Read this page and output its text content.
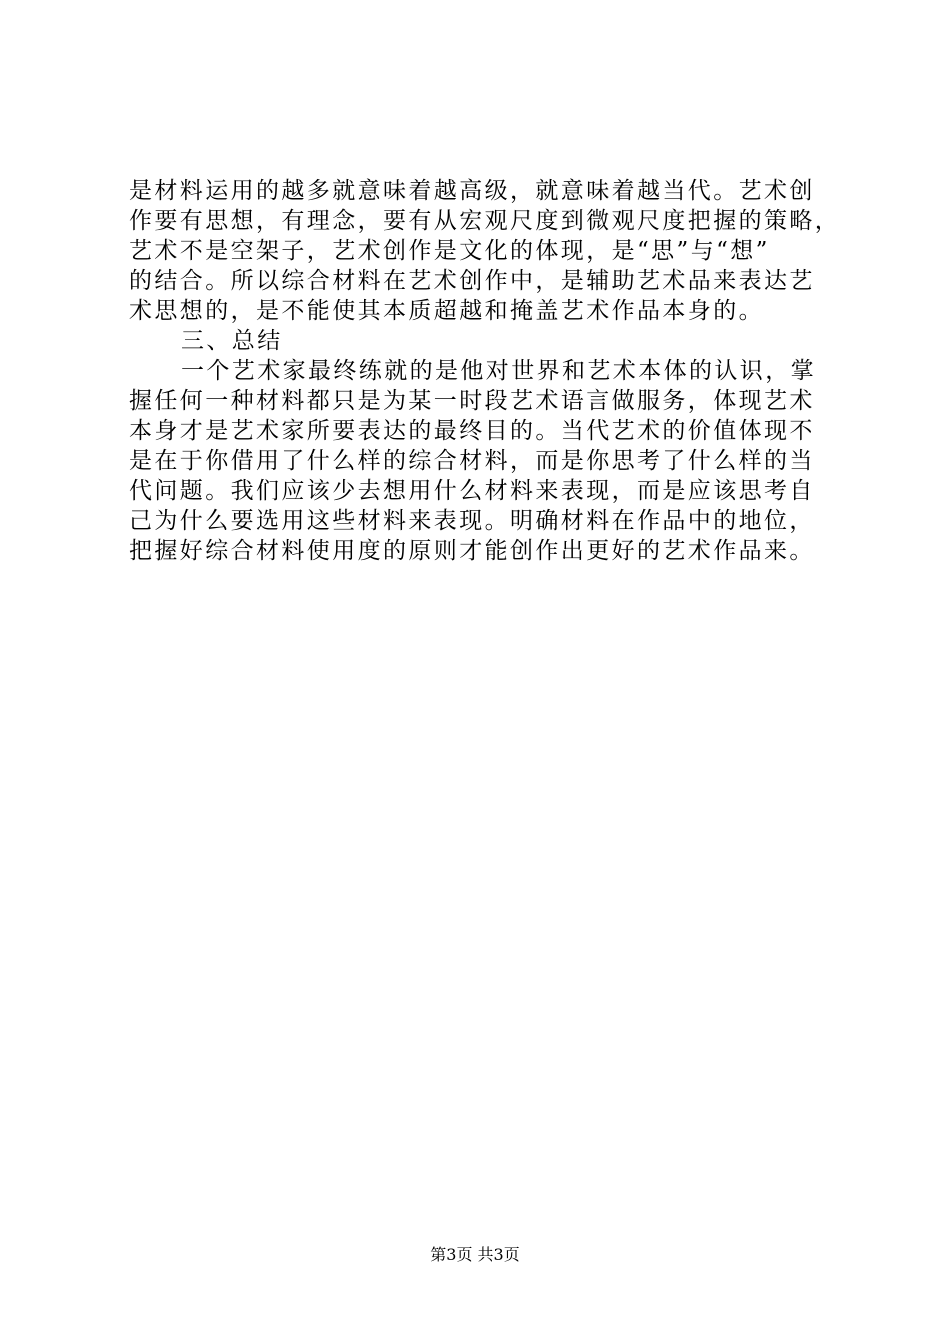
是材料运用的越多就意味着越高级，就意味着越当代。艺术创
作要有思想，有理念，要有从宏观尺度到微观尺度把握的策略，
艺术不是空架子，艺术创作是文化的体现，是“思”与“想”
的结合。所以综合材料在艺术创作中，是辅助艺术品来表达艺
术思想的，是不能使其本质超越和掩盖艺术作品本身的。
三、总结
一个艺术家最终练就的是他对世界和艺术本体的认识，掌
握任何一种材料都只是为某一时段艺术语言做服务，体现艺术
本身才是艺术家所要表达的最终目的。当代艺术的价值体现不
是在于你借用了什么样的综合材料，而是你思考了什么样的当
代问题。我们应该少去想用什么材料来表现，而是应该思考自
己为什么要选用这些材料来表现。明确材料在作品中的地位，
把握好综合材料使用度的原则才能创作出更好的艺术作品来。
第3页 共3页
